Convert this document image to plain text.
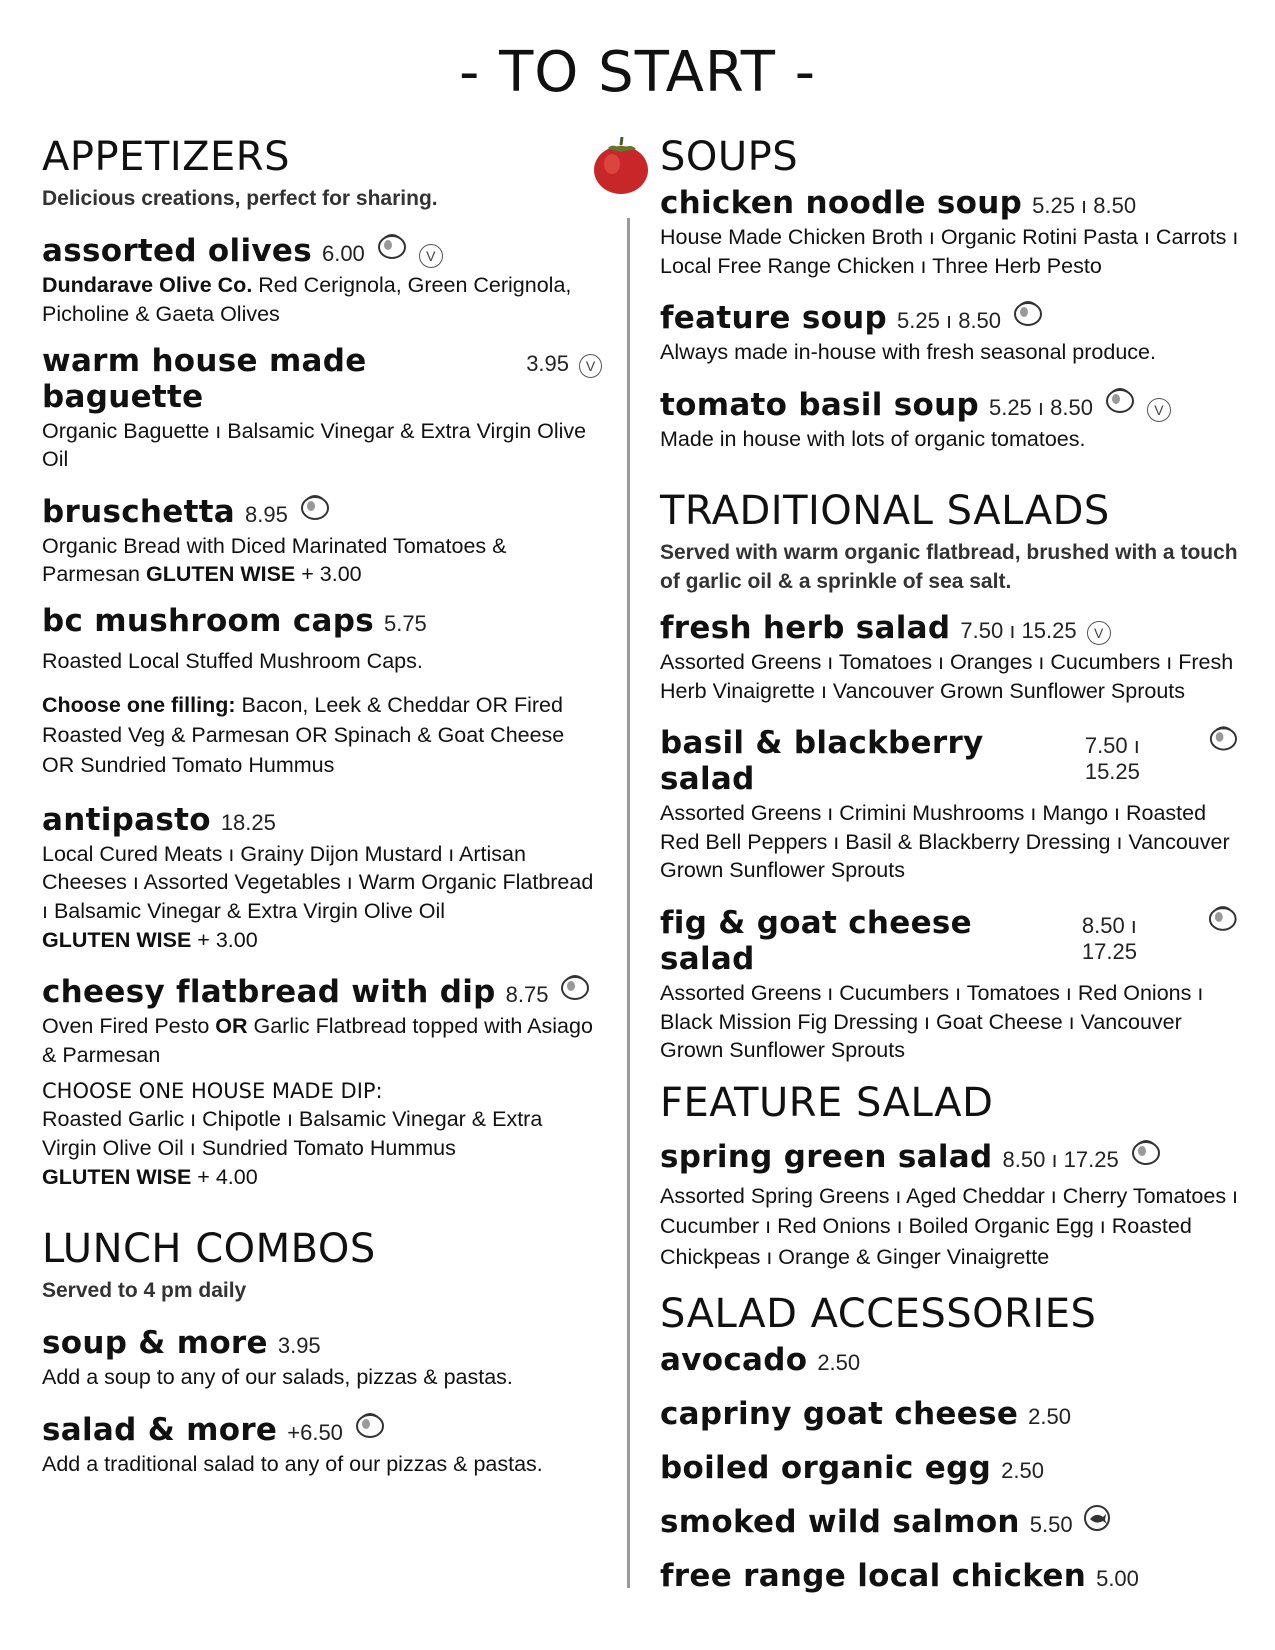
- TO START -
APPETIZERS
Delicious creations, perfect for sharing.
assorted olives 6.00	V
Dundarave Olive Co. Red Cerignola, Green Cerignola, Picholine & Gaeta Olives
warm house made baguette
3.95	V
Organic Baguette ı Balsamic Vinegar & Extra Virgin Olive Oil
bruschetta 8.95
Organic Bread with Diced Marinated Tomatoes & Parmesan GLUTEN WISE + 3.00
bc mushroom caps 5.75
Roasted Local Stuffed Mushroom Caps.
Choose one filling: Bacon, Leek & Cheddar OR Fired Roasted Veg & Parmesan OR Spinach & Goat Cheese OR Sundried Tomato Hummus
antipasto 18.25
Local Cured Meats ı Grainy Dijon Mustard ı Artisan Cheeses ı Assorted Vegetables ı Warm Organic Flatbread ı Balsamic Vinegar & Extra Virgin Olive Oil
GLUTEN WISE + 3.00
cheesy flatbread with dip 8.75
Oven Fired Pesto OR Garlic Flatbread topped with Asiago & Parmesan
CHOOSE ONE HOUSE MADE DIP:
Roasted Garlic ı Chipotle ı Balsamic Vinegar & Extra Virgin Olive Oil ı Sundried Tomato Hummus
GLUTEN WISE + 4.00
LUNCH COMBOS
Served to 4 pm daily
soup & more 3.95
Add a soup to any of our salads, pizzas & pastas.
salad & more +6.50
Add a traditional salad to any of our pizzas & pastas.
SOUPS
chicken noodle soup 5.25 ı 8.50
House Made Chicken Broth ı Organic Rotini Pasta ı Carrots ı Local Free Range Chicken ı Three Herb Pesto
feature soup 5.25 ı 8.50
Always made in-house with fresh seasonal produce.
tomato basil soup 5.25 ı 8.50	V
Made in house with lots of organic tomatoes.
TRADITIONAL SALADS
Served with warm organic flatbread, brushed with a touch of garlic oil & a sprinkle of sea salt.
fresh herb salad 7.50 ı 15.25	V
Assorted Greens ı Tomatoes ı Oranges ı Cucumbers ı Fresh Herb Vinaigrette ı Vancouver Grown Sunflower Sprouts
basil & blackberry salad
7.50 ı 15.25
Assorted Greens ı Crimini Mushrooms ı Mango ı Roasted Red Bell Peppers ı Basil & Blackberry Dressing ı Vancouver Grown Sunflower Sprouts
fig & goat cheese salad
8.50 ı 17.25
Assorted Greens ı Cucumbers ı Tomatoes ı Red Onions ı Black Mission Fig Dressing ı Goat Cheese ı Vancouver Grown Sunflower Sprouts
FEATURE SALAD
spring green salad 8.50 ı 17.25
Assorted Spring Greens ı Aged Cheddar ı Cherry Tomatoes ı Cucumber ı Red Onions ı Boiled Organic Egg ı Roasted Chickpeas ı Orange & Ginger Vinaigrette
SALAD ACCESSORIES
avocado 2.50
capriny goat cheese 2.50
boiled organic egg 2.50
smoked wild salmon 5.50
free range local chicken 5.00
